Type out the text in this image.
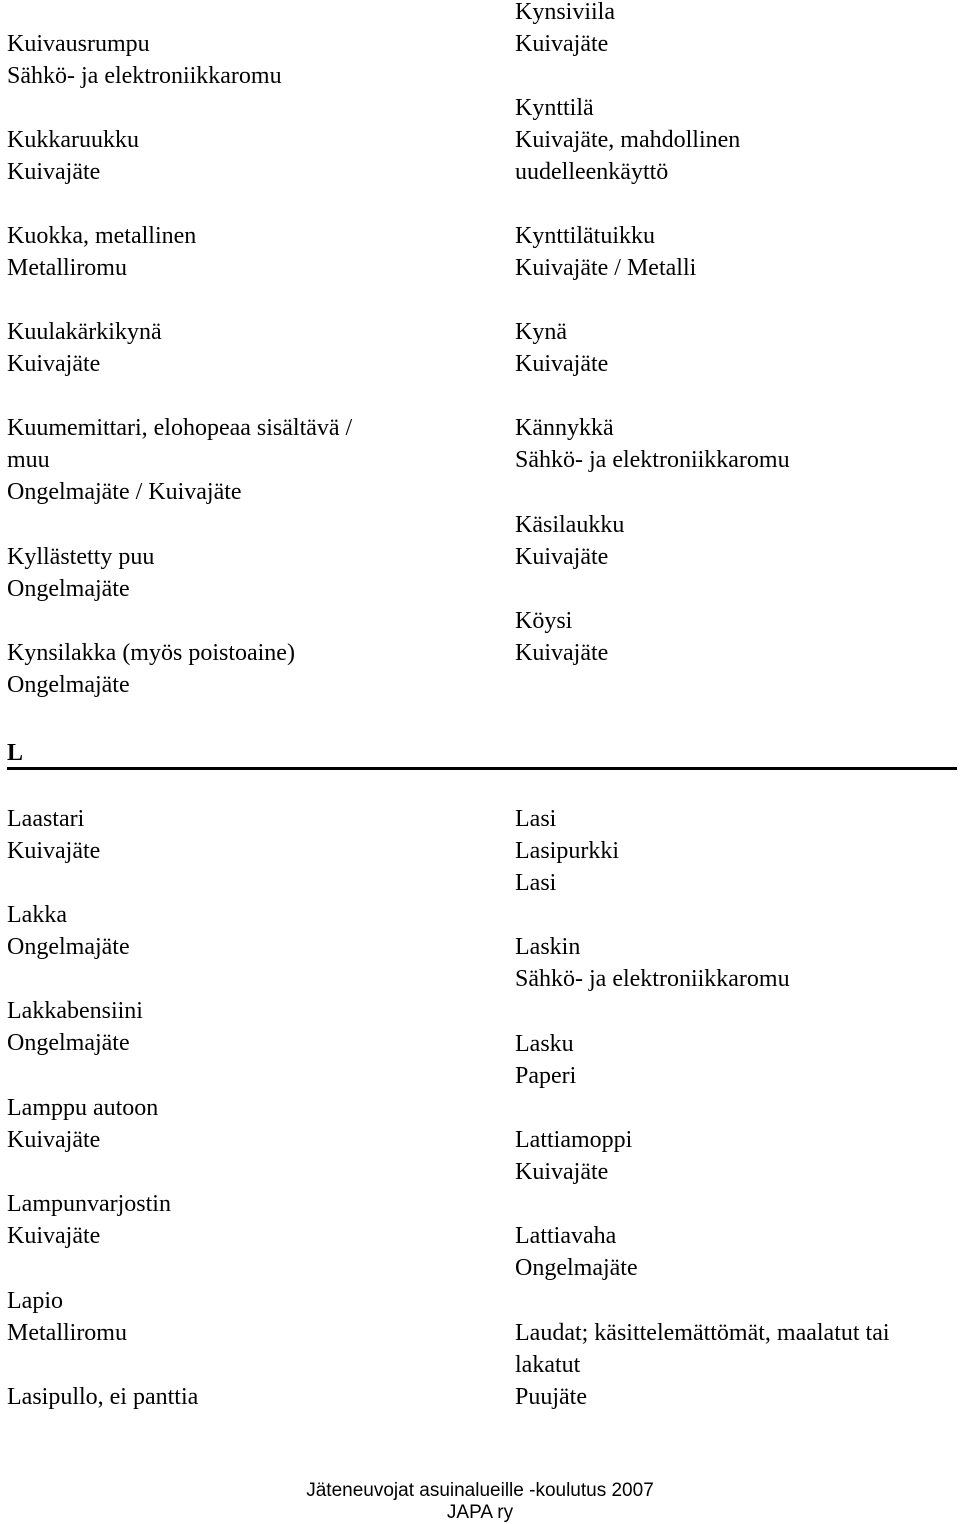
Kuivausrumpu
Sähkö- ja elektroniikkaromu
Kukkaruukku
Kuivajäte
Kuokka, metallinen
Metalliromu
Kuulakärkikynä
Kuivajäte
Kuumemittari, elohopeaa sisältävä /
muu
Ongelmajäte / Kuivajäte
Kyllästetty puu
Ongelmajäte
Kynsilakka (myös poistoaine)
Ongelmajäte
Kynsiviila
Kuivajäte
Kynttilä
Kuivajäte, mahdollinen
uudelleenkäyttö
Kynttilätuikku
Kuivajäte / Metalli
Kynä
Kuivajäte
Kännykkä
Sähkö- ja elektroniikkaromu
Käsilaukku
Kuivajäte
Köysi
Kuivajäte
L
Laastari
Kuivajäte
Lakka
Ongelmajäte
Lakkabensiini
Ongelmajäte
Lamppu autoon
Kuivajäte
Lampunvarjostin
Kuivajäte
Lapio
Metalliromu
Lasipullo, ei panttia
Lasi
Lasipurkki
Lasi
Laskin
Sähkö- ja elektroniikkaromu
Lasku
Paperi
Lattiamoppi
Kuivajäte
Lattiavaha
Ongelmajäte
Laudat; käsittelemättömät, maalatut tai
lakatut
Puujäte
Jäteneuvojat asuinalueille -koulutus 2007
JAPA ry
